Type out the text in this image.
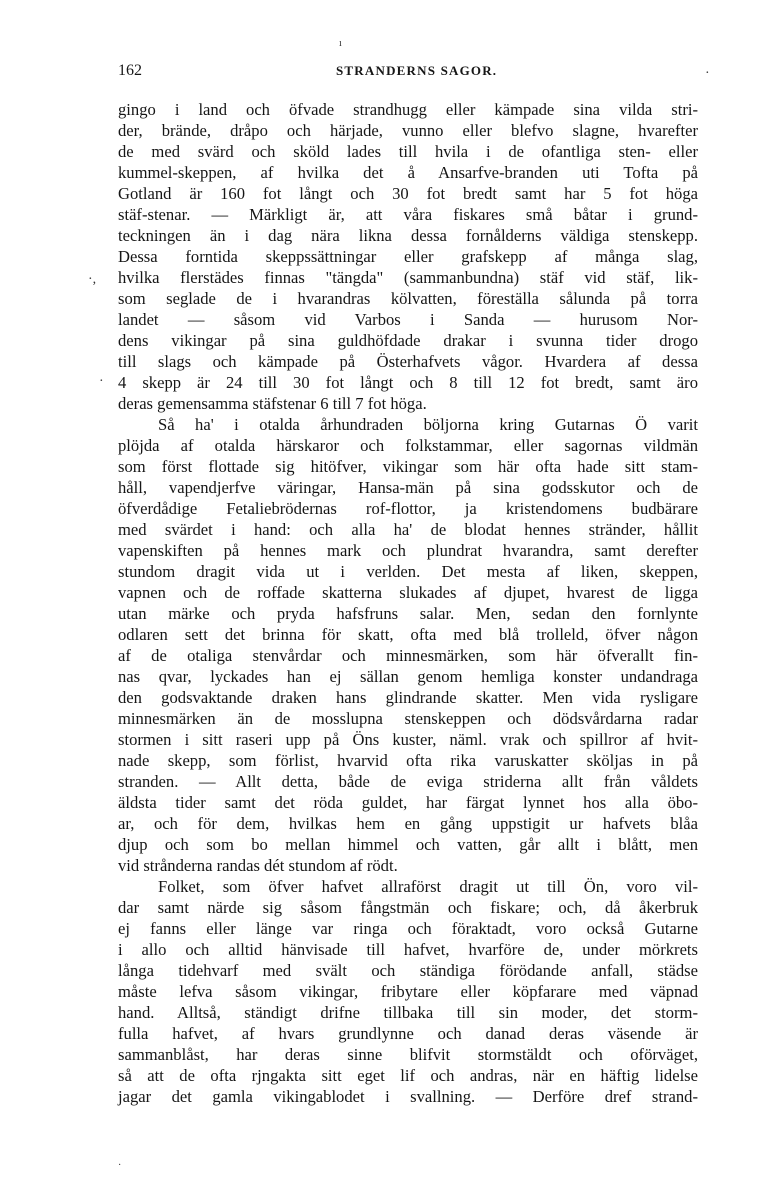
ı
·
·,
·
·
162	STRANDERNS SAGOR.
gingo i land och öfvade strandhugg eller kämpade sina vilda stri-
der, brände, dråpo och härjade, vunno eller blefvo slagne, hvarefter
de med svärd och sköld lades till hvila i de ofantliga sten- eller
kummel-skeppen, af hvilka det å Ansarfve-branden uti Tofta på
Gotland är 160 fot långt och 30 fot bredt samt har 5 fot höga
stäf-stenar. — Märkligt är, att våra fiskares små båtar i grund-
teckningen än i dag nära likna dessa fornålderns väldiga stenskepp.
Dessa forntida skeppssättningar eller grafskepp af många slag,
hvilka flerstädes finnas "tängda" (sammanbundna) stäf vid stäf, lik-
som seglade de i hvarandras kölvatten, föreställa sålunda på torra
landet — såsom vid Varbos i Sanda — hurusom Nor-
dens vikingar på sina guldhöfdade drakar i svunna tider drogo
till slags och kämpade på Österhafvets vågor. Hvardera af dessa
4 skepp är 24 till 30 fot långt och 8 till 12 fot bredt, samt äro
deras gemensamma stäfstenar 6 till 7 fot höga.
Så ha' i otalda århundraden böljorna kring Gutarnas Ö varit
plöjda af otalda härskaror och folkstammar, eller sagornas vildmän
som först flottade sig hitöfver, vikingar som här ofta hade sitt stam-
håll, vapendjerfve väringar, Hansa-män på sina godsskutor och de
öfverdådige Fetaliebrödernas rof-flottor, ja kristendomens budbärare
med svärdet i hand: och alla ha' de blodat hennes stränder, hållit
vapenskiften på hennes mark och plundrat hvarandra, samt derefter
stundom dragit vida ut i verlden. Det mesta af liken, skeppen,
vapnen och de roffade skatterna slukades af djupet, hvarest de ligga
utan märke och pryda hafsfruns salar. Men, sedan den fornlynte
odlaren sett det brinna för skatt, ofta med blå trolleld, öfver någon
af de otaliga stenvårdar och minnesmärken, som här öfverallt fin-
nas qvar, lyckades han ej sällan genom hemliga konster undandraga
den godsvaktande draken hans glindrande skatter. Men vida rysligare
minnesmärken än de mosslupna stenskeppen och dödsvårdarna radar
stormen i sitt raseri upp på Öns kuster, näml. vrak och spillror af hvit-
nade skepp, som förlist, hvarvid ofta rika varuskatter sköljas in på
stranden. — Allt detta, både de eviga striderna allt från våldets
äldsta tider samt det röda guldet, har färgat lynnet hos alla öbo-
ar, och för dem, hvilkas hem en gång uppstigit ur hafvets blåa
djup och som bo mellan himmel och vatten, går allt i blått, men
vid strånderna randas dét stundom af rödt.
Folket, som öfver hafvet allraförst dragit ut till Ön, voro vil-
dar samt närde sig såsom fångstmän och fiskare; och, då åkerbruk
ej fanns eller länge var ringa och föraktadt, voro också Gutarne
i allo och alltid hänvisade till hafvet, hvarföre de, under mörkrets
långa tidehvarf med svält och ständiga förödande anfall, städse
måste lefva såsom vikingar, fribytare eller köpfarare med väpnad
hand. Alltså, ständigt drifne tillbaka till sin moder, det storm-
fulla hafvet, af hvars grundlynne och danad deras väsende är
sammanblåst, har deras sinne blifvit stormstäldt och oförväget,
så att de ofta rjngakta sitt eget lif och andras, när en häftig lidelse
jagar det gamla vikingablodet i svallning. — Derföre dref strand-
